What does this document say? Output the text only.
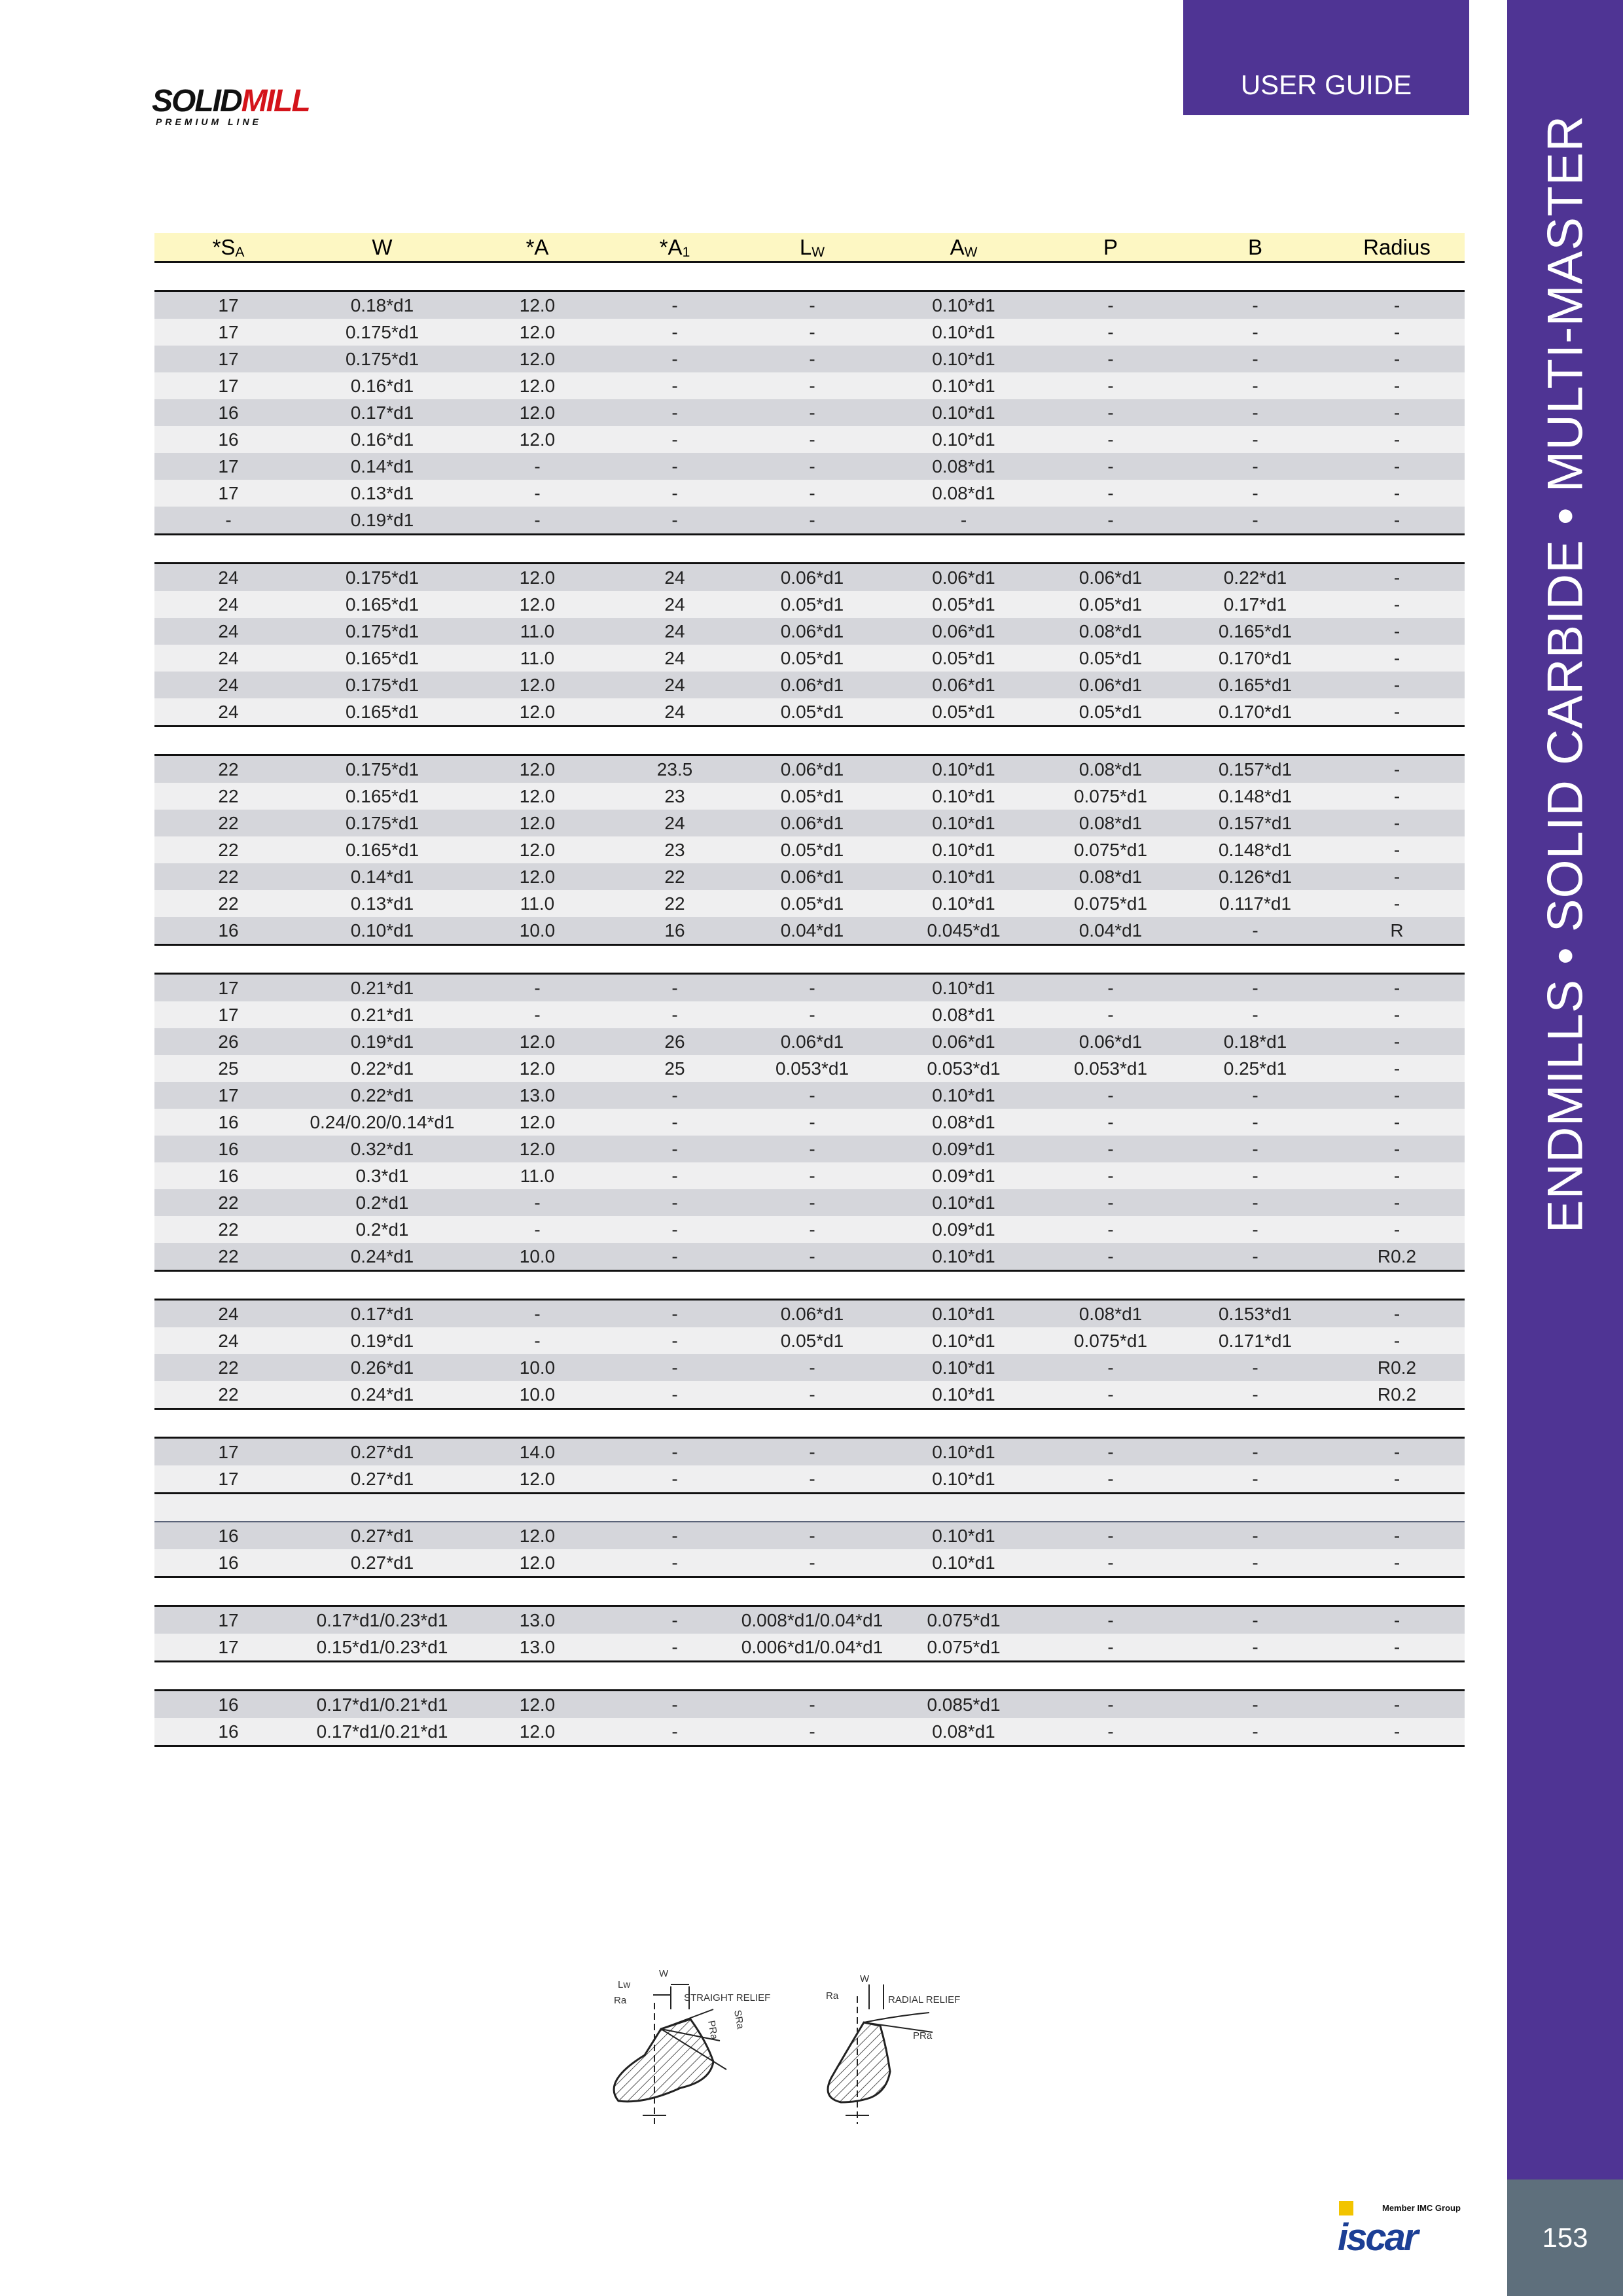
ENDMILLS • SOLID CARBIDE • MULTI-MASTER
153
USER GUIDE
SOLIDMILL
PREMIUM LINE
$*S_A$	W	*A	$*A_1$	$L_W$	$A_W$	P	B	Radius

17	0.18*d1	12.0	-	-	0.10*d1	-	-	-
17	0.175*d1	12.0	-	-	0.10*d1	-	-	-
17	0.175*d1	12.0	-	-	0.10*d1	-	-	-
17	0.16*d1	12.0	-	-	0.10*d1	-	-	-
16	0.17*d1	12.0	-	-	0.10*d1	-	-	-
16	0.16*d1	12.0	-	-	0.10*d1	-	-	-
17	0.14*d1	-	-	-	0.08*d1	-	-	-
17	0.13*d1	-	-	-	0.08*d1	-	-	-
-	0.19*d1	-	-	-	-	-	-	-

24	0.175*d1	12.0	24	0.06*d1	0.06*d1	0.06*d1	0.22*d1	-
24	0.165*d1	12.0	24	0.05*d1	0.05*d1	0.05*d1	0.17*d1	-
24	0.175*d1	11.0	24	0.06*d1	0.06*d1	0.08*d1	0.165*d1	-
24	0.165*d1	11.0	24	0.05*d1	0.05*d1	0.05*d1	0.170*d1	-
24	0.175*d1	12.0	24	0.06*d1	0.06*d1	0.06*d1	0.165*d1	-
24	0.165*d1	12.0	24	0.05*d1	0.05*d1	0.05*d1	0.170*d1	-

22	0.175*d1	12.0	23.5	0.06*d1	0.10*d1	0.08*d1	0.157*d1	-
22	0.165*d1	12.0	23	0.05*d1	0.10*d1	0.075*d1	0.148*d1	-
22	0.175*d1	12.0	24	0.06*d1	0.10*d1	0.08*d1	0.157*d1	-
22	0.165*d1	12.0	23	0.05*d1	0.10*d1	0.075*d1	0.148*d1	-
22	0.14*d1	12.0	22	0.06*d1	0.10*d1	0.08*d1	0.126*d1	-
22	0.13*d1	11.0	22	0.05*d1	0.10*d1	0.075*d1	0.117*d1	-
16	0.10*d1	10.0	16	0.04*d1	0.045*d1	0.04*d1	-	R

17	0.21*d1	-	-	-	0.10*d1	-	-	-
17	0.21*d1	-	-	-	0.08*d1	-	-	-
26	0.19*d1	12.0	26	0.06*d1	0.06*d1	0.06*d1	0.18*d1	-
25	0.22*d1	12.0	25	0.053*d1	0.053*d1	0.053*d1	0.25*d1	-
17	0.22*d1	13.0	-	-	0.10*d1	-	-	-
16	0.24/0.20/0.14*d1	12.0	-	-	0.08*d1	-	-	-
16	0.32*d1	12.0	-	-	0.09*d1	-	-	-
16	0.3*d1	11.0	-	-	0.09*d1	-	-	-
22	0.2*d1	-	-	-	0.10*d1	-	-	-
22	0.2*d1	-	-	-	0.09*d1	-	-	-
22	0.24*d1	10.0	-	-	0.10*d1	-	-	R0.2

24	0.17*d1	-	-	0.06*d1	0.10*d1	0.08*d1	0.153*d1	-
24	0.19*d1	-	-	0.05*d1	0.10*d1	0.075*d1	0.171*d1	-
22	0.26*d1	10.0	-	-	0.10*d1	-	-	R0.2
22	0.24*d1	10.0	-	-	0.10*d1	-	-	R0.2

17	0.27*d1	14.0	-	-	0.10*d1	-	-	-
17	0.27*d1	12.0	-	-	0.10*d1	-	-	-

16	0.27*d1	12.0	-	-	0.10*d1	-	-	-
16	0.27*d1	12.0	-	-	0.10*d1	-	-	-

17	0.17*d1/0.23*d1	13.0	-	0.008*d1/0.04*d1	0.075*d1	-	-	-
17	0.15*d1/0.23*d1	13.0	-	0.006*d1/0.04*d1	0.075*d1	-	-	-

16	0.17*d1/0.21*d1	12.0	-	-	0.085*d1	-	-	-
16	0.17*d1/0.21*d1	12.0	-	-	0.08*d1	-	-	-
Lw
W
Ra	STRAIGHT RELIEF
PRa
SRa
Ra
W
RADIAL RELIEF
PRa
Member IMC Group
iscar
